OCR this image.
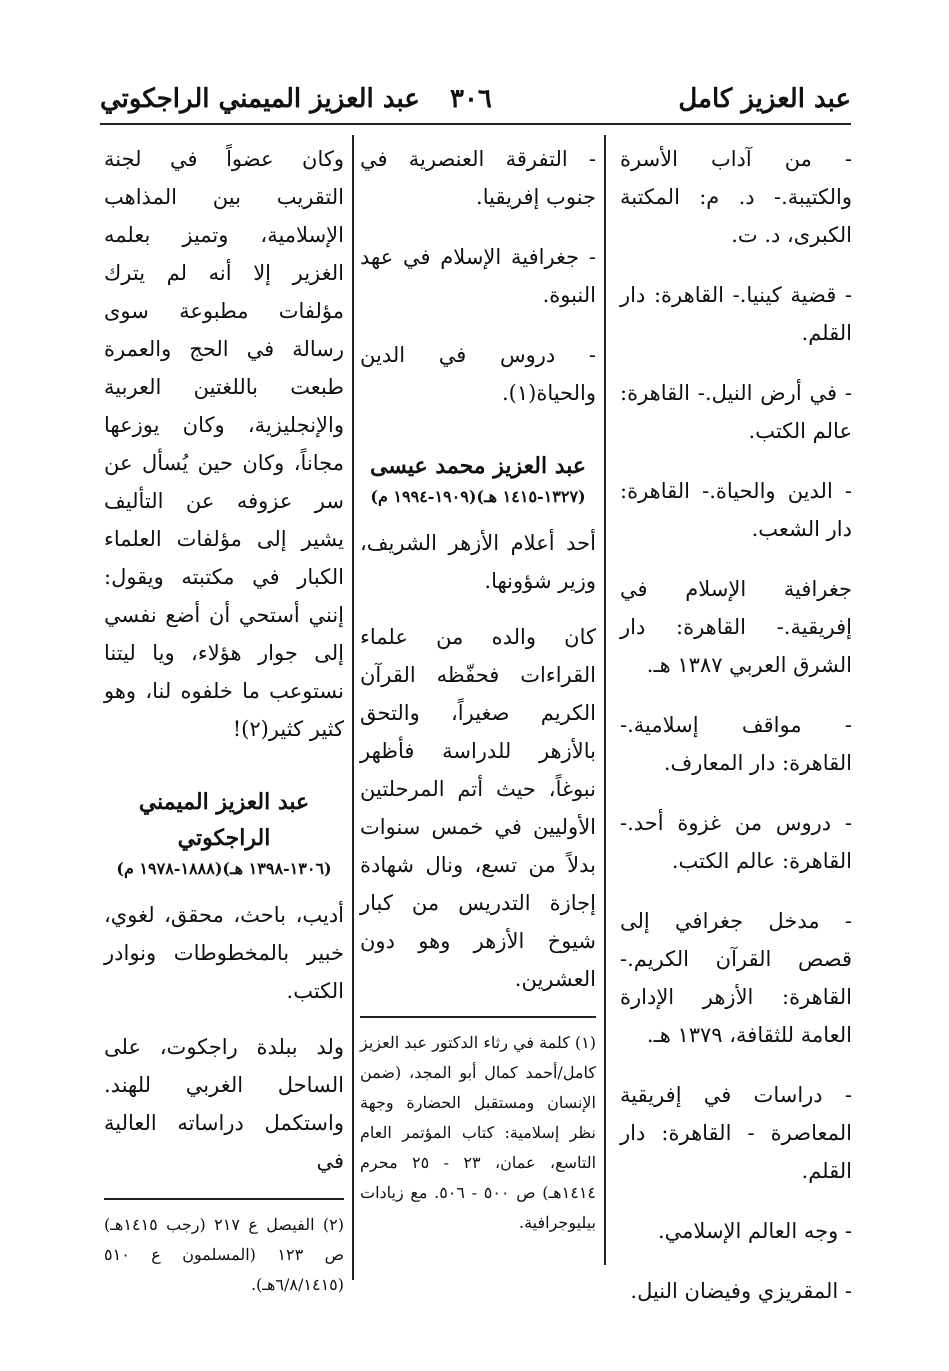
عبد العزيز كامل
٣٠٦
عبد العزيز الميمني الراجكوتي

- من آداب الأسرة والكتيبة.- د. م: المكتبة الكبرى، د. ت.

- قضية كينيا.- القاهرة: دار القلم.

- في أرض النيل.- القاهرة: عالم الكتب.

- الدين والحياة.- القاهرة: دار الشعب.

جغرافية الإسلام في إفريقية.- القاهرة: دار الشرق العربي ١٣٨٧ هـ.

- مواقف إسلامية.- القاهرة: دار المعارف.

- دروس من غزوة أحد.- القاهرة: عالم الكتب.

- مدخل جغرافي إلى قصص القرآن الكريم.- القاهرة: الأزهر الإدارة العامة للثقافة، ١٣٧٩ هـ.

- دراسات في إفريقية المعاصرة - القاهرة: دار القلم.

- وجه العالم الإسلامي.

- المقريزي وفيضان النيل.

- التفرقة العنصرية في جنوب إفريقيا.

- جغرافية الإسلام في عهد النبوة.

- دروس في الدين والحياة(١).

عبد العزيز محمد عيسى

(١٣٢٧-١٤١٥ هـ)(١٩٠٩-١٩٩٤ م)

أحد أعلام الأزهر الشريف، وزير شؤونها.

كان والده من علماء القراءات فحفّظه القرآن الكريم صغيراً، والتحق بالأزهر للدراسة فأظهر نبوغاً، حيث أتم المرحلتين الأوليين في خمس سنوات بدلاً من تسع، ونال شهادة إجازة التدريس من كبار شيوخ الأزهر وهو دون العشرين.

(١) كلمة في رثاء الدكتور عبد العزيز كامل/أحمد كمال أبو المجد، (ضمن الإنسان ومستقبل الحضارة وجهة نظر إسلامية: كتاب المؤتمر العام التاسع، عمان، ٢٣ - ٢٥ محرم ١٤١٤هـ) ص ٥٠٠ - ٥٠٦. مع زيادات بيليوجرافية.

وكان عضواً في لجنة التقريب بين المذاهب الإسلامية، وتميز بعلمه الغزير إلا أنه لم يترك مؤلفات مطبوعة سوى رسالة في الحج والعمرة طبعت باللغتين العربية والإنجليزية، وكان يوزعها مجاناً، وكان حين يُسأل عن سر عزوفه عن التأليف يشير إلى مؤلفات العلماء الكبار في مكتبته ويقول: إنني أستحي أن أضع نفسي إلى جوار هؤلاء، ويا ليتنا نستوعب ما خلفوه لنا، وهو كثير كثير(٢)!

عبد العزيز الميمني الراجكوتي

(١٣٠٦-١٣٩٨ هـ)(١٨٨٨-١٩٧٨ م)

أديب، باحث، محقق، لغوي، خبير بالمخطوطات ونوادر الكتب.

ولد ببلدة راجكوت، على الساحل الغربي للهند. واستكمل دراساته العالية في

(٢) الفيصل ع ٢١٧ (رجب ١٤١٥هـ) ص ١٢٣ (المسلمون ع ٥١٠ (٦/٨/١٤١٥هـ).
